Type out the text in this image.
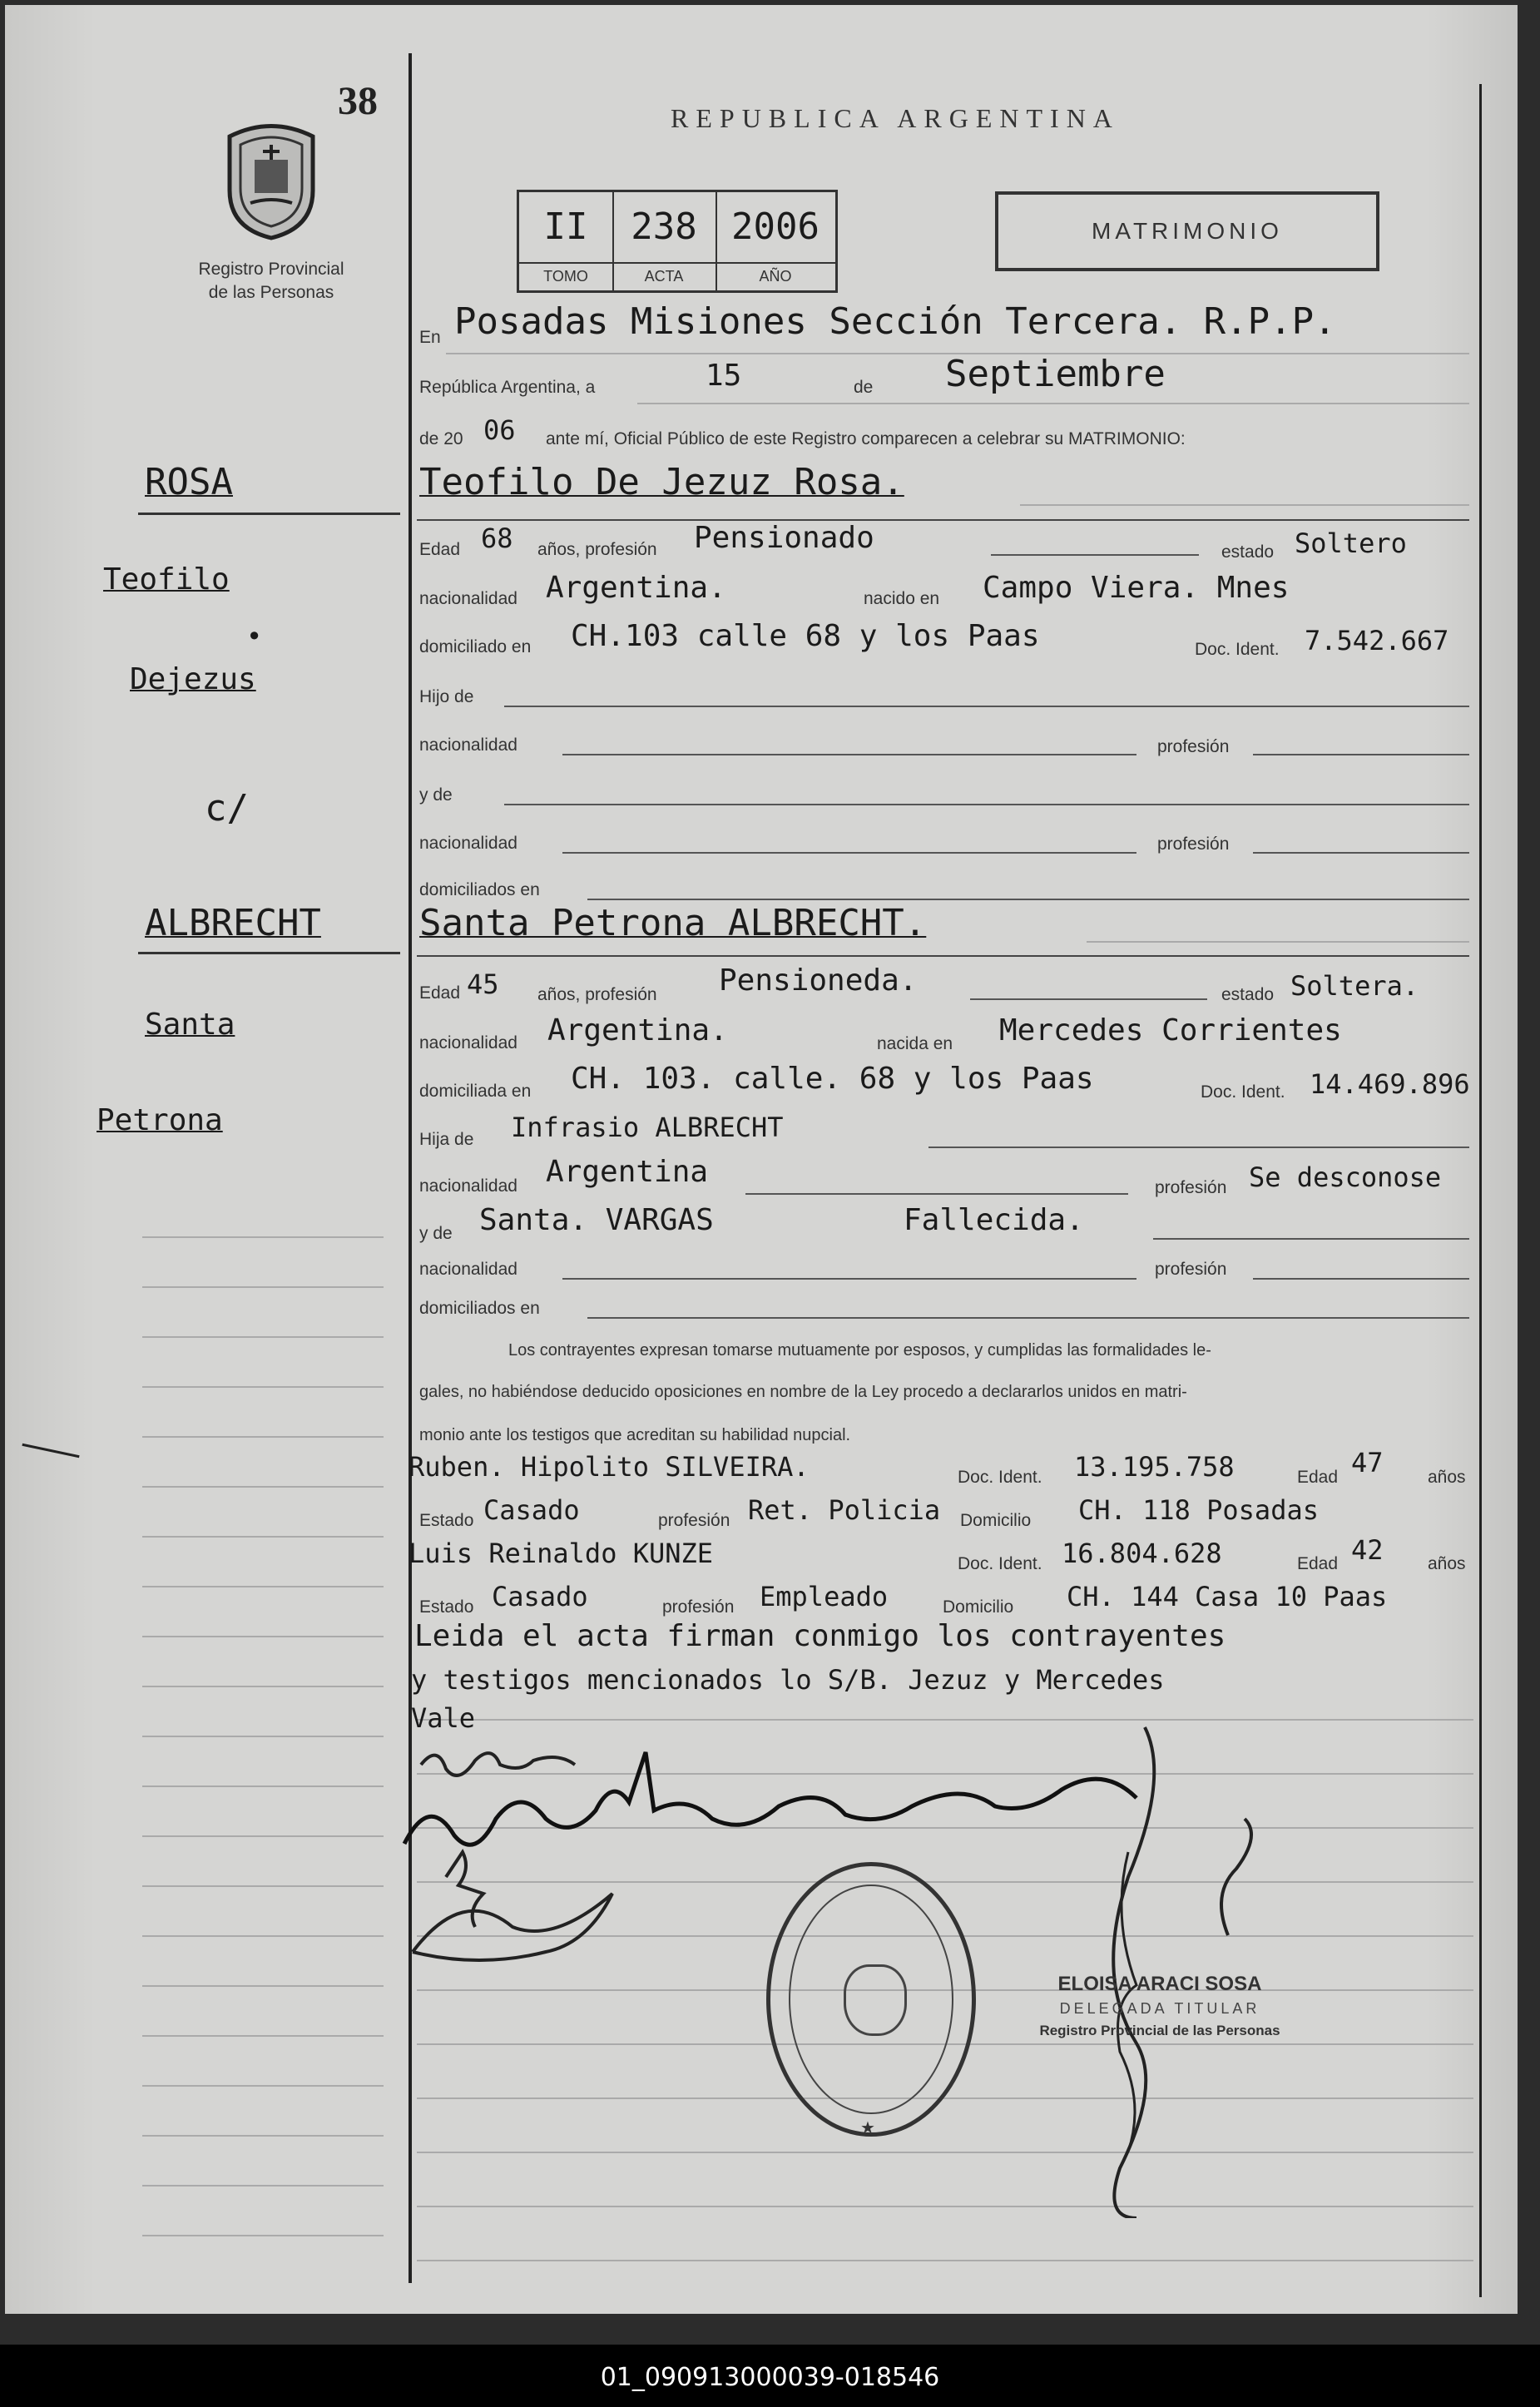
38	REPUBLICA ARGENTINA
Registro Provincial
de las Personas
II
TOMO
238
ACTA
2006
AÑO
MATRIMONIO
ROSA
Teofilo
•
Dejezus
c/
ALBRECHT
Santa
Petrona
En Posadas Misiones Sección Tercera. R.P.P.
República Argentina, a	15	de Septiembre
de 20 06 ante mí, Oficial Público de este Registro comparecen a celebrar su MATRIMONIO:
Teofilo De Jezuz Rosa.
Edad 68 años, profesión Pensionado	estado Soltero
nacionalidad Argentina.	nacido en Campo Viera. Mnes
domiciliado en CH.103 calle 68 y los Paas	Doc. Ident. 7.542.667
Hijo de
nacionalidad	profesión
y de
nacionalidad	profesión
domiciliados en
Santa Petrona ALBRECHT.
Edad 45 años, profesión Pensioneda.	estado Soltera.
nacionalidad Argentina.	nacida en Mercedes Corrientes
domiciliada en CH. 103. calle. 68 y los Paas	Doc. Ident. 14.469.896
Hija de Infrasio ALBRECHT
nacionalidad Argentina	profesión Se desconose
y de Santa. VARGAS	Fallecida.
nacionalidad	profesión
domiciliados en
Los contrayentes expresan tomarse mutuamente por esposos, y cumplidas las formalidades le-
gales, no habiéndose deducido oposiciones en nombre de la Ley procedo a declararlos unidos en matri-
monio ante los testigos que acreditan su habilidad nupcial.
Ruben. Hipolito SILVEIRA.	Doc. Ident. 13.195.758	Edad 47	años
Estado Casado	profesión Ret. Policia Domicilio CH. 118 Posadas
Luis Reinaldo KUNZE	Doc. Ident. 16.804.628	Edad 42	años
Estado Casado	profesión Empleado	Domicilio CH. 144 Casa 10 Paas
Leida el acta firman conmigo los contrayentes
y testigos mencionados lo S/B. Jezuz y Mercedes
Vale
★
ELOISA ARACI SOSA
DELEGADA TITULAR
Registro Provincial de las Personas
01_090913000039-018546
